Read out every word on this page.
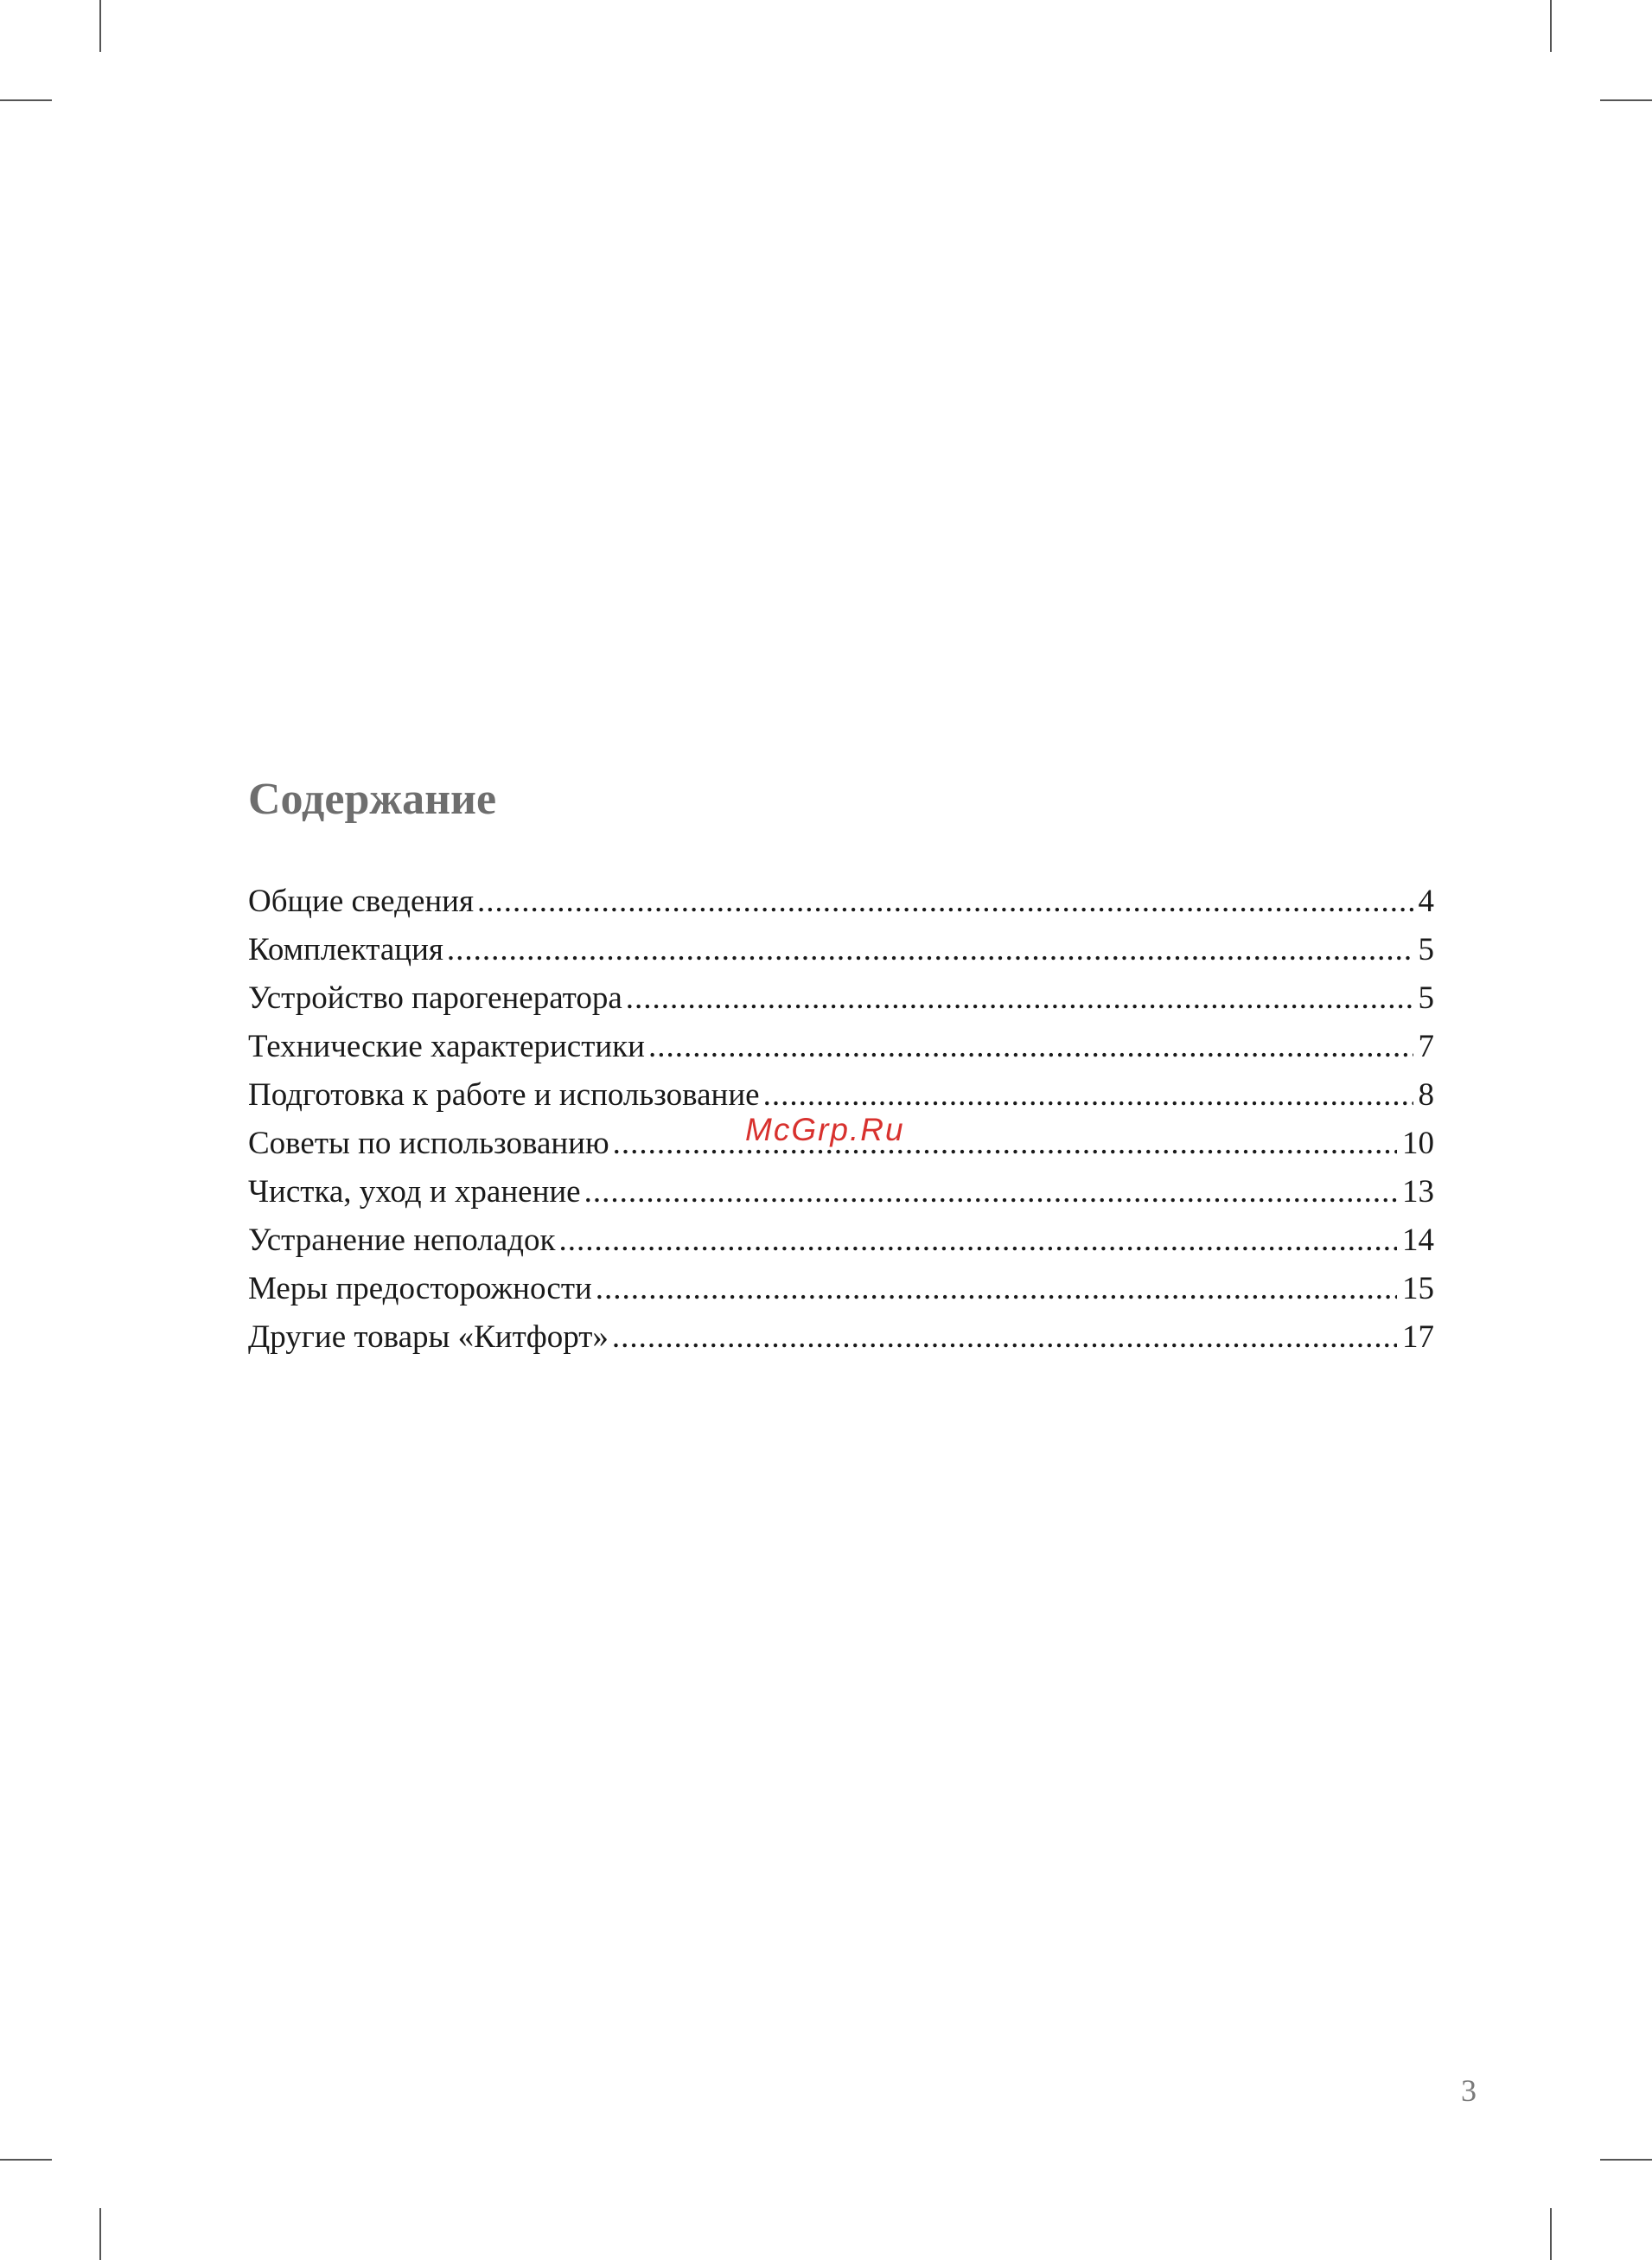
Содержание
Общие сведения .....	4
Комплектация .....	5
Устройство парогенератора .....	5
Технические характеристики .....	7
Подготовка к работе и использование .....	8
Советы по использованию .....	10
Чистка, уход и хранение .....	13
Устранение неполадок .....	14
Меры предосторожности .....	15
Другие товары «Китфорт» .....	17
McGrp.Ru
3
